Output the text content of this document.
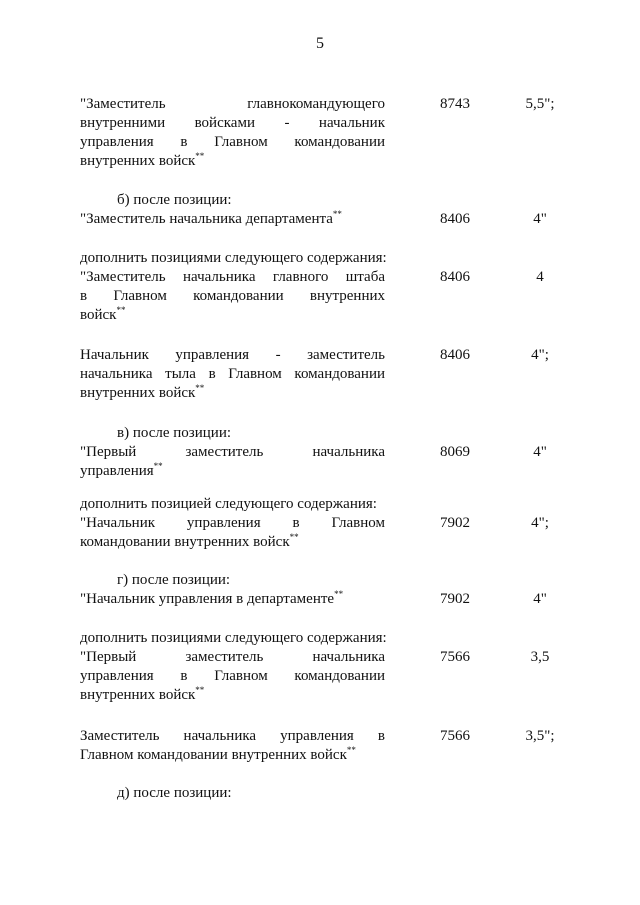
5
"Заместитель главнокомандующего
внутренними войсками - начальник
управления в Главном командовании
внутренних войск**
8743	5,5";
б) после позиции:
"Заместитель начальника департамента**	8406	4"
дополнить позициями следующего содержания:
"Заместитель начальника главного штаба
в Главном командовании внутренних
войск**
8406	4
Начальник управления - заместитель
начальника тыла в Главном командовании
внутренних войск**
8406	4";
в) после позиции:
"Первый заместитель начальника
управления**
8069	4"
дополнить позицией следующего содержания:
"Начальник управления в Главном
командовании внутренних войск**
7902	4";
г) после позиции:
"Начальник управления в департаменте**	7902	4"
дополнить позициями следующего содержания:
"Первый заместитель начальника
управления в Главном командовании
внутренних войск**
7566	3,5
Заместитель начальника управления в
Главном командовании внутренних войск**
7566	3,5";
д) после позиции:
